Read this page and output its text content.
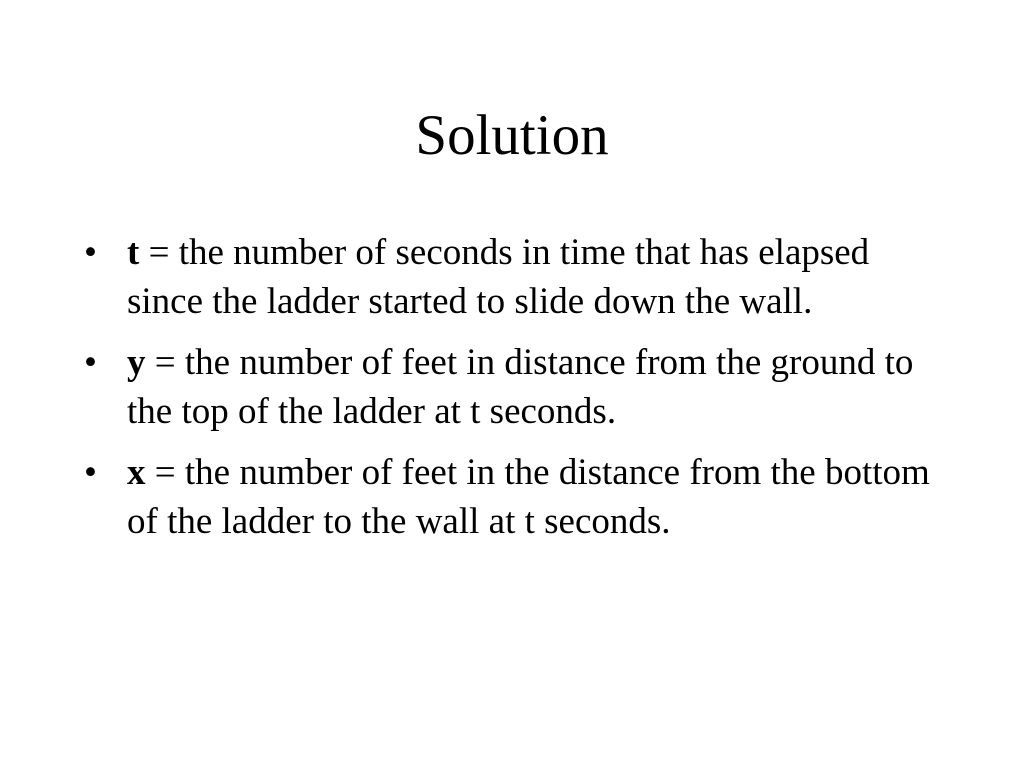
Solution
• t = the number of seconds in time that has elapsed since the ladder started to slide down the wall.
• y = the number of feet in distance from the ground to the top of the ladder at t seconds.
• x = the number of feet in the distance from the bottom of the ladder to the wall at t seconds.
